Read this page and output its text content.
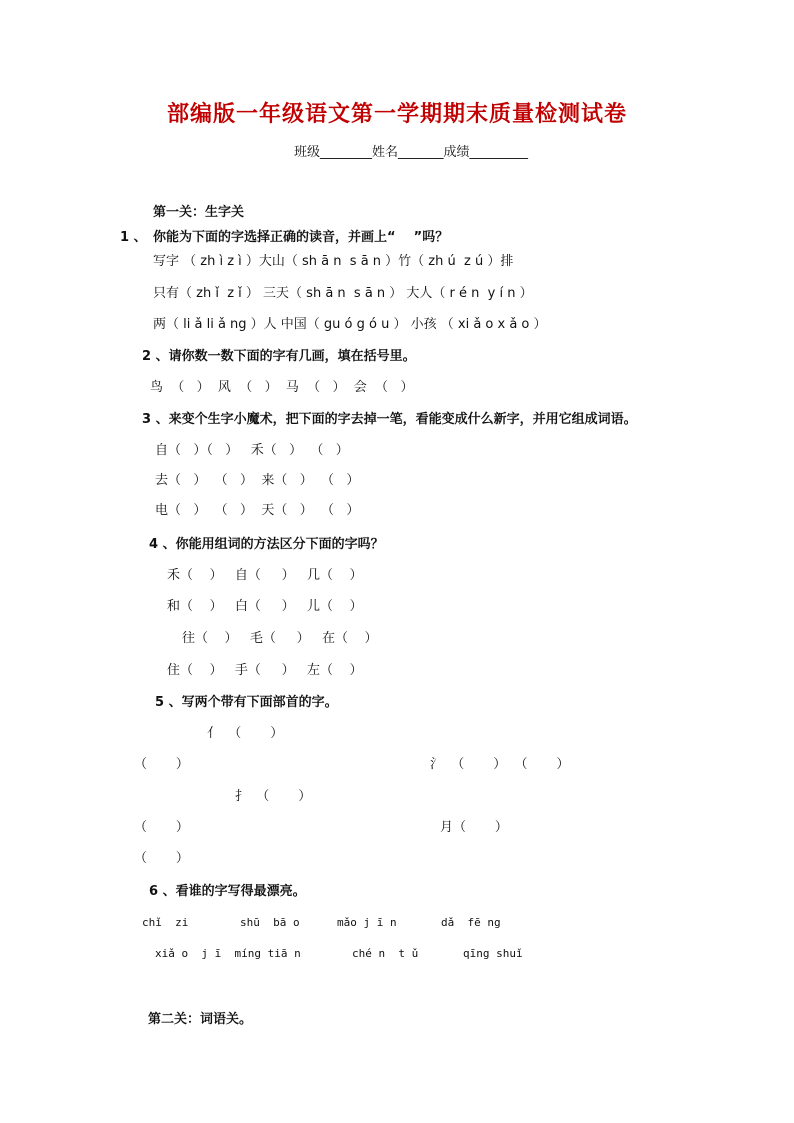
部编版一年级语文第一学期期末质量检测试卷
班级________姓名_______成绩_________
第一关：生字关
1 、 你能为下面的字选择正确的读音，并画上“    ”吗？
写字 （ zh ì z ì ）大山（ sh ā n  s ā n ）竹（ zh ú  z ú ）排
只有（ zh ǐ  z ǐ ） 三天（ sh ā n  s ā n ） 大人（ r é n  y í n ）
两（ li ǎ li ǎ ng ）人 中国（ gu ó g ó u ） 小孩 （ xi ǎ o x ǎ o ）
2 、请你数一数下面的字有几画，填在括号里。
鸟  （   ）  风  （   ）  马  （   ）  会  （   ）
3 、来变个生字小魔术，把下面的字去掉一笔，看能变成什么新字，并用它组成词语。
自（   ）（   ）   禾（   ）  （   ）
去（   ）  （   ）  来（   ）  （   ）
电（   ）  （   ）  天（   ）  （   ）
4 、你能用组词的方法区分下面的字吗？
禾（    ）   自（     ）   几（    ）
和（    ）   白（     ）   儿（    ）
往（    ）   毛（     ）   在（    ）
住（    ）   手（     ）   左（    ）
5 、写两个带有下面部首的字。
亻  （       ）
（       ）	氵  （       ）  （       ）
扌  （       ）
（       ）	月（       ）
（       ）
6 、看谁的字写得最漂亮。
chǐ  zi	shū  bā o	mǎo j ī n	dǎ  fē ng
xiǎ o  j ī  míng tiā n	ché n  t ǔ	qīng shuǐ
第二关：词语关。
